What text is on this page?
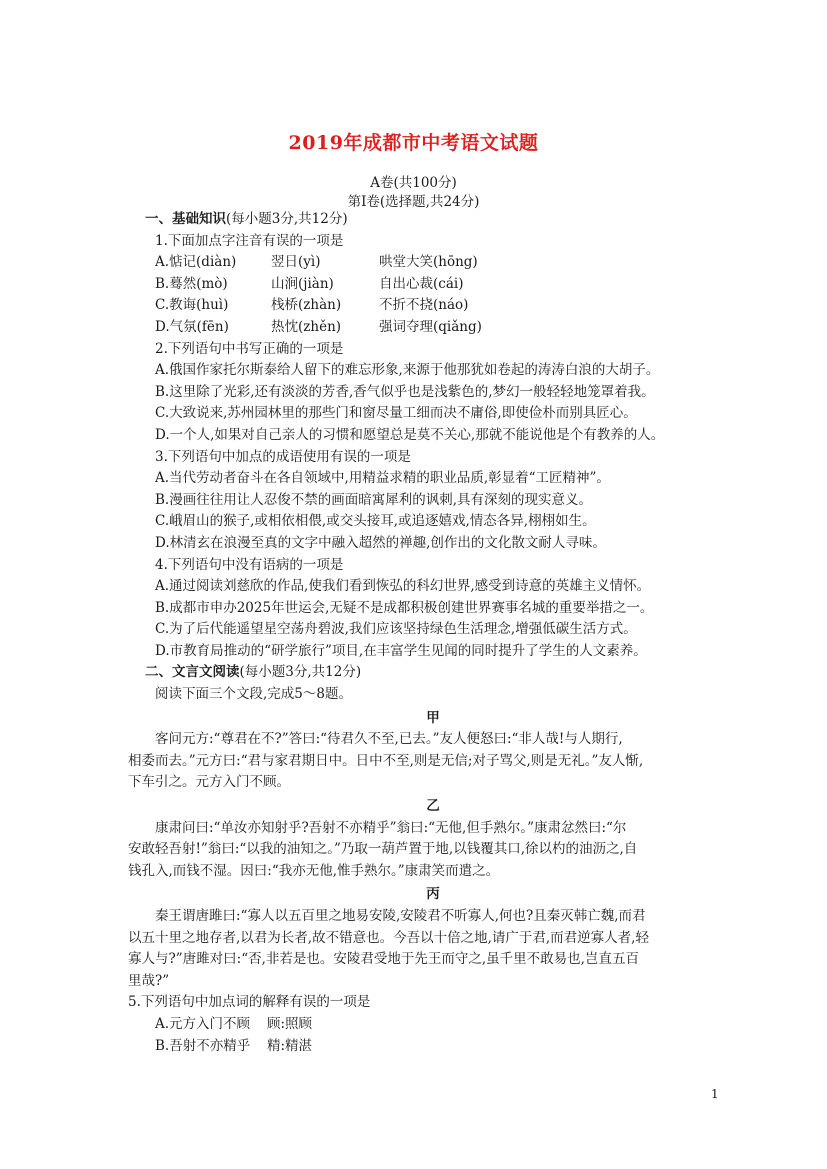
2019年成都市中考语文试题
A卷(共100分)
第Ⅰ卷(选择题,共24分)
一、基础知识(每小题3分,共12分)
1.下面加点字注音有误的一项是
A.惦记(diàn)	翌日(yì)	哄堂大笑(hōng)
B.蓦然(mò)	山涧(jiàn)	自出心裁(cái)
C.教诲(huì)	栈桥(zhàn)	不折不挠(náo)
D.气氛(fēn)	热忱(zhěn)	强词夺理(qiǎng)
2.下列语句中书写正确的一项是
A.俄国作家托尔斯泰给人留下的难忘形象,来源于他那犹如卷起的涛涛白浪的大胡子。
B.这里除了光彩,还有淡淡的芳香,香气似乎也是浅紫色的,梦幻一般轻轻地笼罩着我。
C.大致说来,苏州园林里的那些门和窗尽量工细而决不庸俗,即使俭朴而别具匠心。
D.一个人,如果对自己亲人的习惯和愿望总是莫不关心,那就不能说他是个有教养的人。
3.下列语句中加点的成语使用有误的一项是
A.当代劳动者奋斗在各自领域中,用精益求精的职业品质,彰显着“工匠精神”。
B.漫画往往用让人忍俊不禁的画面暗寓犀利的讽刺,具有深刻的现实意义。
C.峨眉山的猴子,或相依相偎,或交头接耳,或追逐嬉戏,情态各异,栩栩如生。
D.林清玄在浪漫至真的文字中融入超然的禅趣,创作出的文化散文耐人寻味。
4.下列语句中没有语病的一项是
A.通过阅读刘慈欣的作品,使我们看到恢弘的科幻世界,感受到诗意的英雄主义情怀。
B.成都市申办2025年世运会,无疑不是成都积极创建世界赛事名城的重要举措之一。
C.为了后代能遥望星空荡舟碧波,我们应该坚持绿色生活理念,增强低碳生活方式。
D.市教育局推动的“研学旅行”项目,在丰富学生见闻的同时提升了学生的人文素养。
二、文言文阅读(每小题3分,共12分)
阅读下面三个文段,完成5～8题。
甲
客问元方:“尊君在不?”答曰:“待君久不至,已去。”友人便怒曰:“非人哉!与人期行,
相委而去。”元方曰:“君与家君期日中。日中不至,则是无信;对子骂父,则是无礼。”友人惭,
下车引之。元方入门不顾。
乙
康肃问曰:“单汝亦知射乎?吾射不亦精乎”翁曰:“无他,但手熟尔。”康肃忿然曰:“尔
安敢轻吾射!”翁曰:“以我的油知之。”乃取一葫芦置于地,以钱覆其口,徐以杓的油沥之,自
钱孔入,而钱不湿。因曰:“我亦无他,惟手熟尔。”康肃笑而遣之。
丙
秦王谓唐雎曰:“寡人以五百里之地易安陵,安陵君不听寡人,何也?且秦灭韩亡魏,而君
以五十里之地存者,以君为长者,故不错意也。今吾以十倍之地,请广于君,而君逆寡人者,轻
寡人与?”唐雎对曰:“否,非若是也。安陵君受地于先王而守之,虽千里不敢易也,岂直五百
里哉?”
5.下列语句中加点词的解释有误的一项是
A.元方入门不顾 顾:照顾
B.吾射不亦精乎 精:精湛
1
